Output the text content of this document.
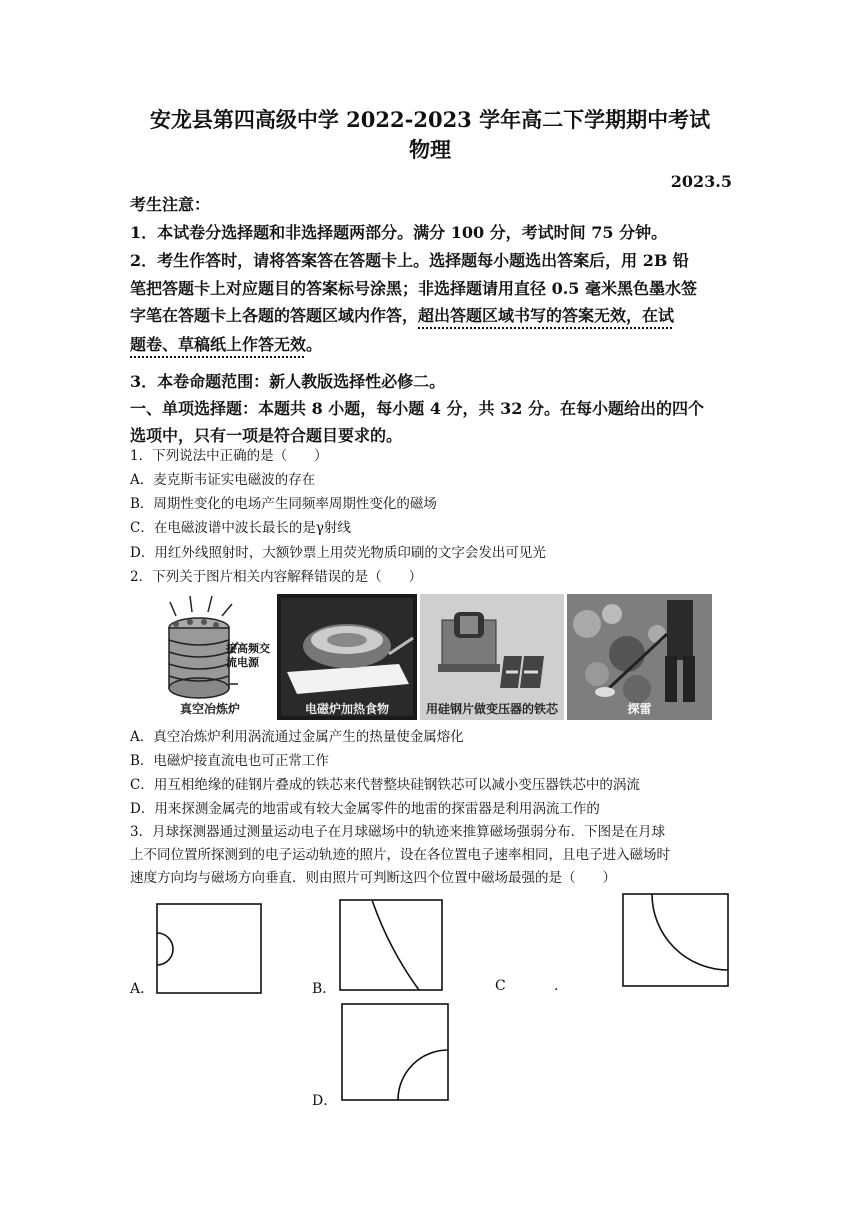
安龙县第四高级中学 2022-2023 学年高二下学期期中考试
物理
2023.5
考生注意：
1．本试卷分选择题和非选择题两部分。满分 100 分，考试时间 75 分钟。
2．考生作答时，请将答案答在答题卡上。选择题每小题选出答案后，用 2B 铅
笔把答题卡上对应题目的答案标号涂黑；非选择题请用直径 0.5 毫米黑色墨水签
字笔在答题卡上各题的答题区域内作答，超出答题区域书写的答案无效，在试
题卷、草稿纸上作答无效。
3．本卷命题范围：新人教版选择性必修二。
一、单项选择题：本题共 8 小题，每小题 4 分，共 32 分。在每小题给出的四个
选项中，只有一项是符合题目要求的。
1．下列说法中正确的是（　　）
A．麦克斯韦证实电磁波的存在
B．周期性变化的电场产生同频率周期性变化的磁场
C．在电磁波谱中波长最长的是γ射线
D．用红外线照射时，大额钞票上用荧光物质印刷的文字会发出可见光
2．下列关于图片相关内容解释错误的是（　　）
接高频交流电源
真空冶炼炉	电磁炉加热食物	用硅钢片做变压器的铁芯	探雷
A．真空冶炼炉利用涡流通过金属产生的热量使金属熔化
B．电磁炉接直流电也可正常工作
C．用互相绝缘的硅钢片叠成的铁芯来代替整块硅钢铁芯可以减小变压器铁芯中的涡流
D．用来探测金属壳的地雷或有较大金属零件的地雷的探雷器是利用涡流工作的
3．月球探测器通过测量运动电子在月球磁场中的轨迹来推算磁场强弱分布．下图是在月球
上不同位置所探测到的电子运动轨迹的照片，设在各位置电子速率相同，且电子进入磁场时
速度方向均与磁场方向垂直．则由照片可判断这四个位置中磁场最强的是（　　）
A．	B．	C	.
D．
